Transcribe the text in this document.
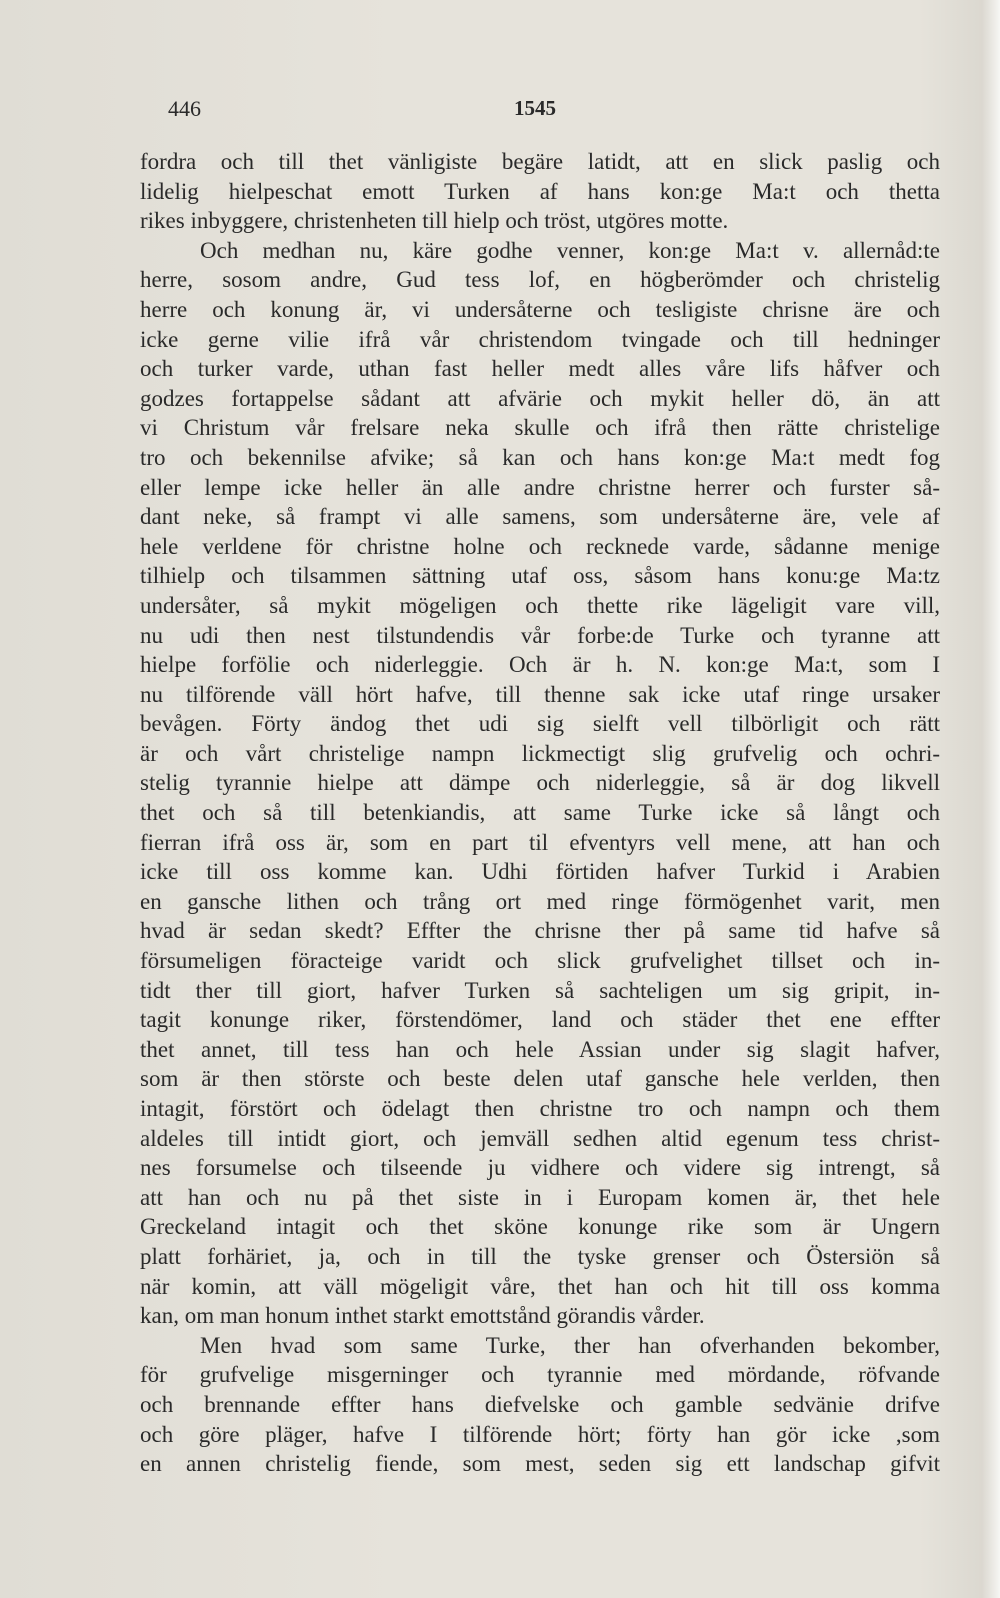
446	1545
fordra och till thet vänligiste begäre latidt, att en slick paslig och
lidelig hielpeschat emott Turken af hans kon:ge Ma:t och thetta
rikes inbyggere, christenheten till hielp och tröst, utgöres motte.
Och medhan nu, käre godhe venner, kon:ge Ma:t v. allernåd:te
herre, sosom andre, Gud tess lof, en högberömder och christelig
herre och konung är, vi undersåterne och tesligiste chrisne äre och
icke gerne vilie ifrå vår christendom tvingade och till hedninger
och turker varde, uthan fast heller medt alles våre lifs håfver och
godzes fortappelse sådant att afvärie och mykit heller dö, än att
vi Christum vår frelsare neka skulle och ifrå then rätte christelige
tro och bekennilse afvike; så kan och hans kon:ge Ma:t medt fog
eller lempe icke heller än alle andre christne herrer och furster så-
dant neke, så frampt vi alle samens, som undersåterne äre, vele af
hele verldene för christne holne och recknede varde, sådanne menige
tilhielp och tilsammen sättning utaf oss, såsom hans konu:ge Ma:tz
undersåter, så mykit mögeligen och thette rike lägeligit vare vill,
nu udi then nest tilstundendis vår forbe:de Turke och tyranne att
hielpe forfölie och niderleggie. Och är h. N. kon:ge Ma:t, som I
nu tilförende väll hört hafve, till thenne sak icke utaf ringe ursaker
bevågen. Förty ändog thet udi sig sielft vell tilbörligit och rätt
är och vårt christelige nampn lickmectigt slig grufvelig och ochri-
stelig tyrannie hielpe att dämpe och niderleggie, så är dog likvell
thet och så till betenkiandis, att same Turke icke så långt och
fierran ifrå oss är, som en part til efventyrs vell mene, att han och
icke till oss komme kan. Udhi förtiden hafver Turkid i Arabien
en gansche lithen och trång ort med ringe förmögenhet varit, men
hvad är sedan skedt? Effter the chrisne ther på same tid hafve så
försumeligen föracteige varidt och slick grufvelighet tillset och in-
tidt ther till giort, hafver Turken så sachteligen um sig gripit, in-
tagit konunge riker, förstendömer, land och städer thet ene effter
thet annet, till tess han och hele Assian under sig slagit hafver,
som är then störste och beste delen utaf gansche hele verlden, then
intagit, förstört och ödelagt then christne tro och nampn och them
aldeles till intidt giort, och jemväll sedhen altid egenum tess christ-
nes forsumelse och tilseende ju vidhere och videre sig intrengt, så
att han och nu på thet siste in i Europam komen är, thet hele
Greckeland intagit och thet sköne konunge rike som är Ungern
platt forhäriet, ja, och in till the tyske grenser och Östersiön så
när komin, att väll mögeligit våre, thet han och hit till oss komma
kan, om man honum inthet starkt emottstånd görandis vårder.
Men hvad som same Turke, ther han ofverhanden bekomber,
för grufvelige misgerninger och tyrannie med mördande, röfvande
och brennande effter hans diefvelske och gamble sedvänie drifve
och göre pläger, hafve I tilförende hört; förty han gör icke ,som
en annen christelig fiende, som mest, seden sig ett landschap gifvit
